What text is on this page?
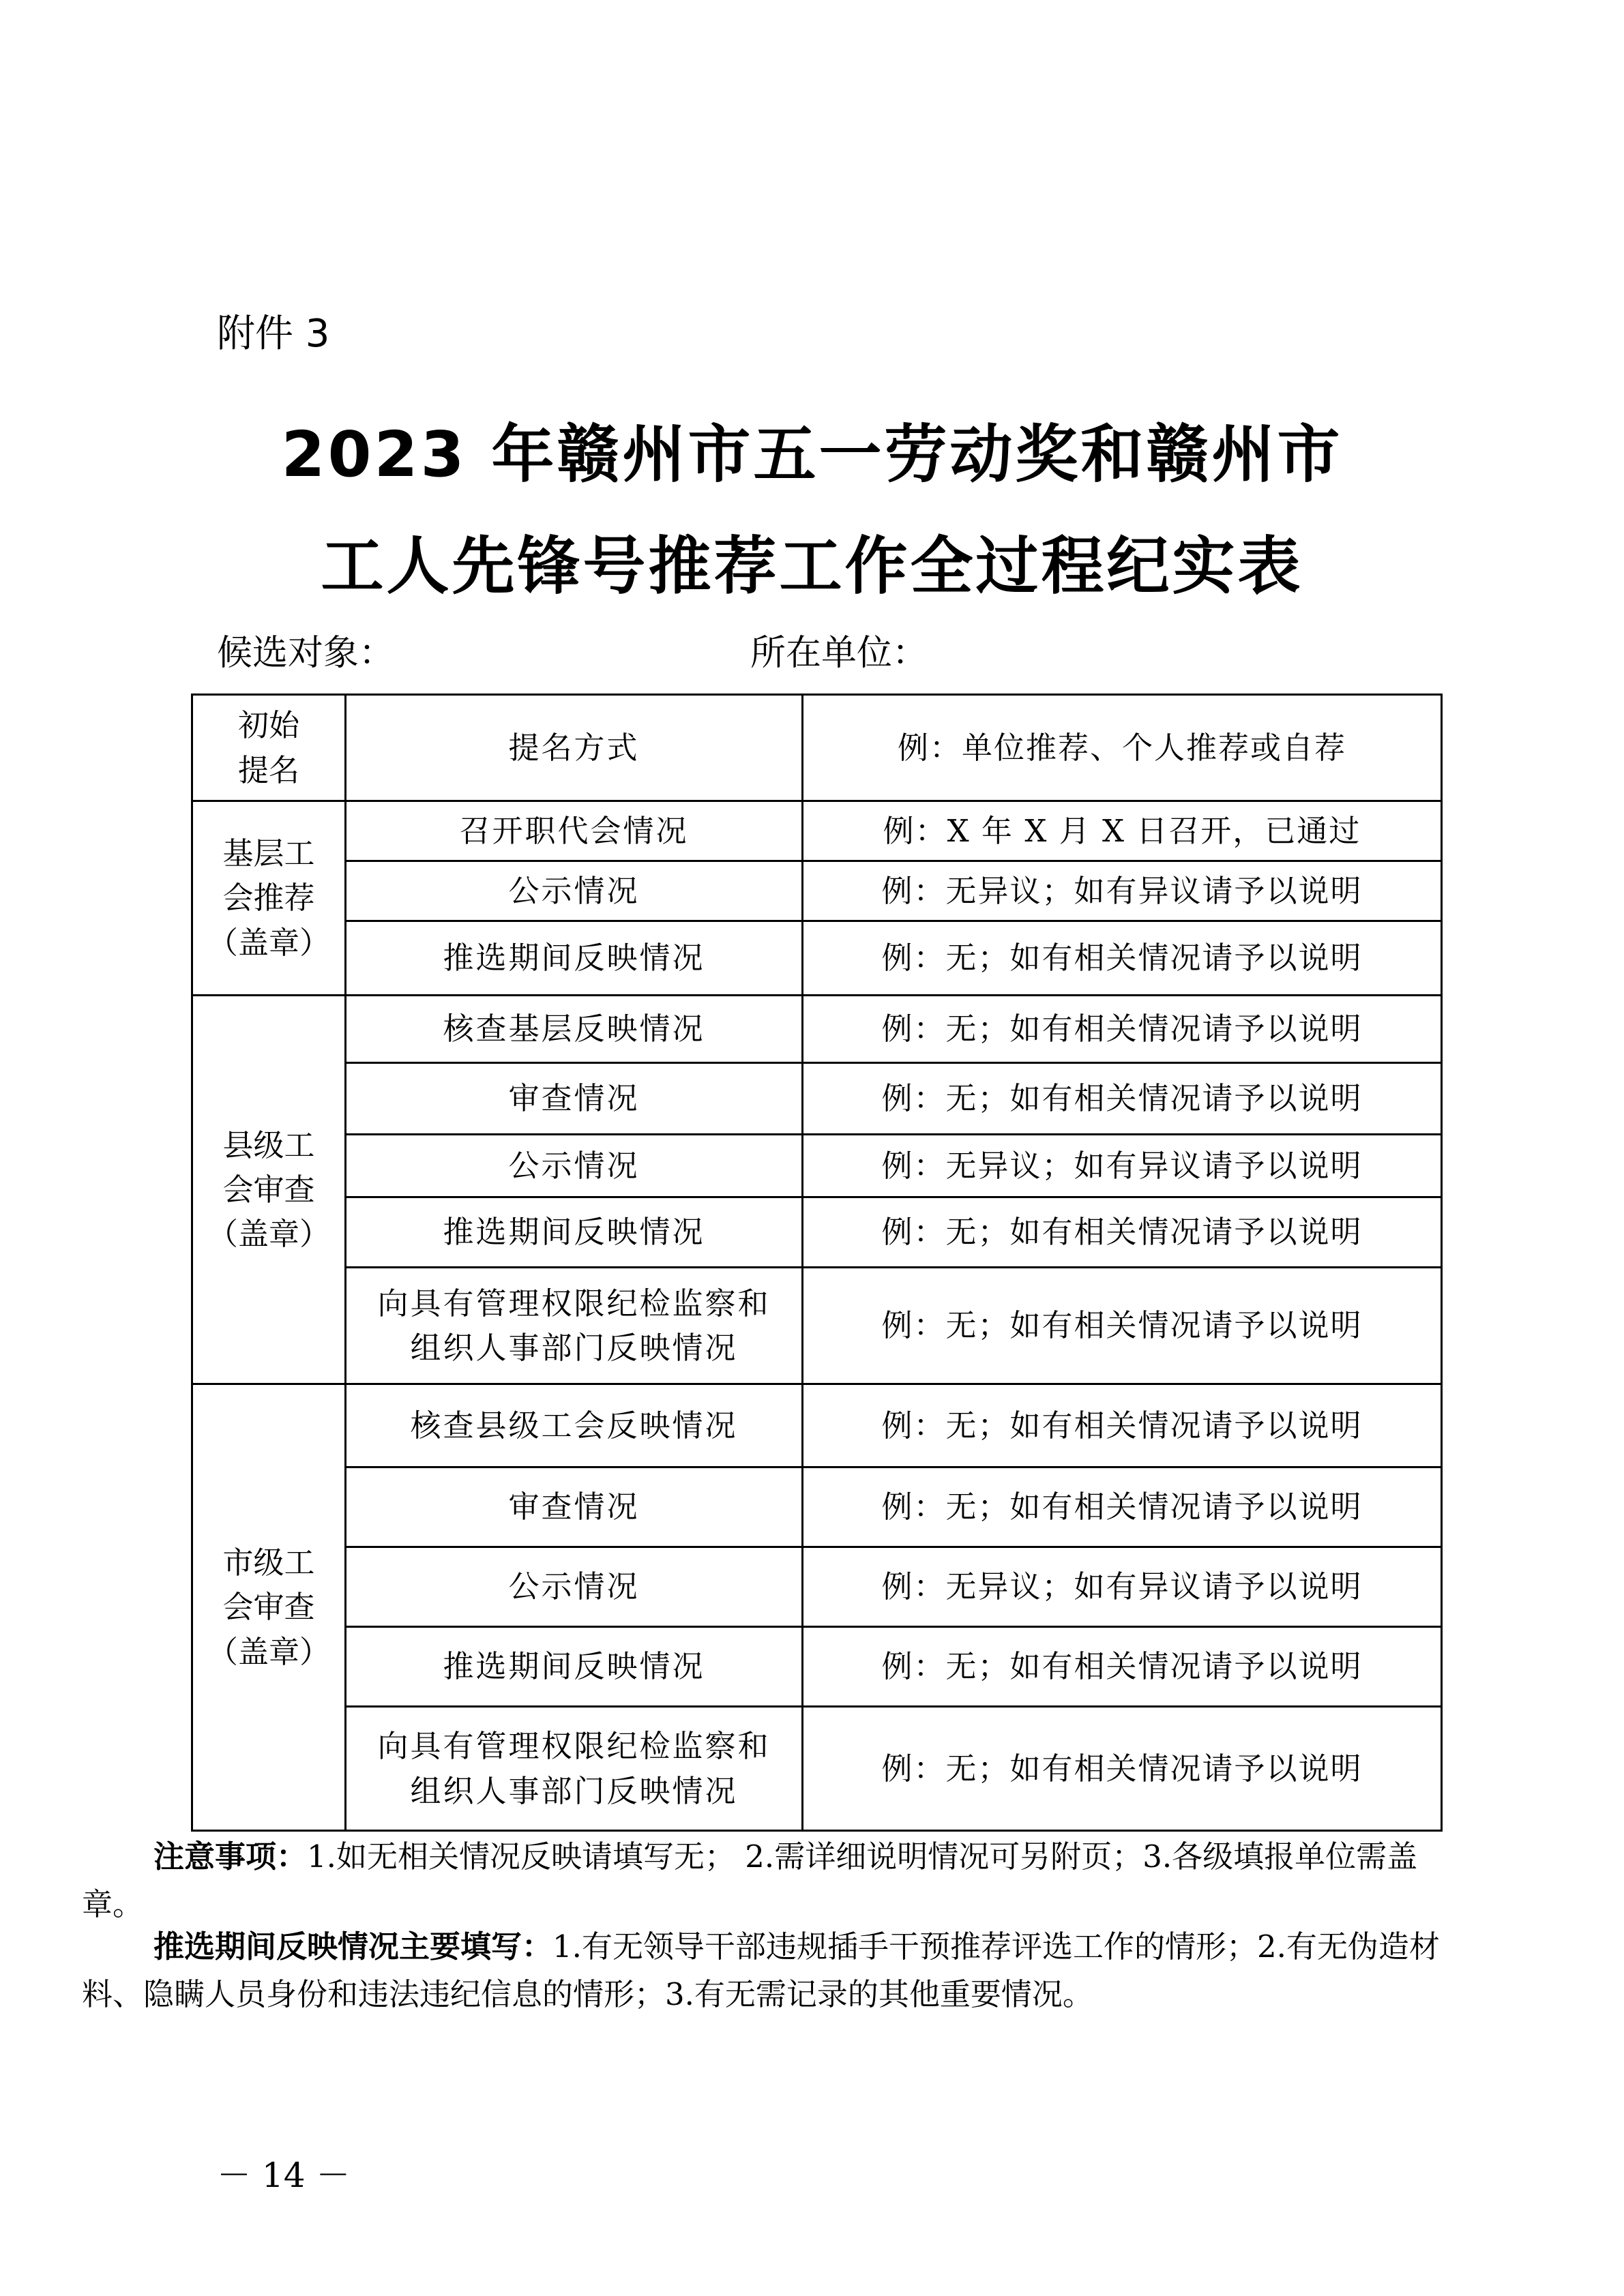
附件 3
2023 年赣州市五一劳动奖和赣州市
工人先锋号推荐工作全过程纪实表
候选对象：	所在单位：
初始
提名	提名方式	例：单位推荐、个人推荐或自荐
基层工
会推荐
（盖章）	召开职代会情况	例：X 年 X 月 X 日召开，已通过
	公示情况	例：无异议；如有异议请予以说明
	推选期间反映情况	例：无；如有相关情况请予以说明
县级工
会审查
（盖章）	核查基层反映情况	例：无；如有相关情况请予以说明
	审查情况	例：无；如有相关情况请予以说明
	公示情况	例：无异议；如有异议请予以说明
	推选期间反映情况	例：无；如有相关情况请予以说明
	向具有管理权限纪检监察和
组织人事部门反映情况	例：无；如有相关情况请予以说明
市级工
会审查
（盖章）	核查县级工会反映情况	例：无；如有相关情况请予以说明
	审查情况	例：无；如有相关情况请予以说明
	公示情况	例：无异议；如有异议请予以说明
	推选期间反映情况	例：无；如有相关情况请予以说明
	向具有管理权限纪检监察和
组织人事部门反映情况	例：无；如有相关情况请予以说明
注意事项：1.如无相关情况反映请填写无； 2.需详细说明情况可另附页；3.各级填报单位需盖章。
推选期间反映情况主要填写：1.有无领导干部违规插手干预推荐评选工作的情形；2.有无伪造材料、隐瞒人员身份和违法违纪信息的情形；3.有无需记录的其他重要情况。
－ 14 －
